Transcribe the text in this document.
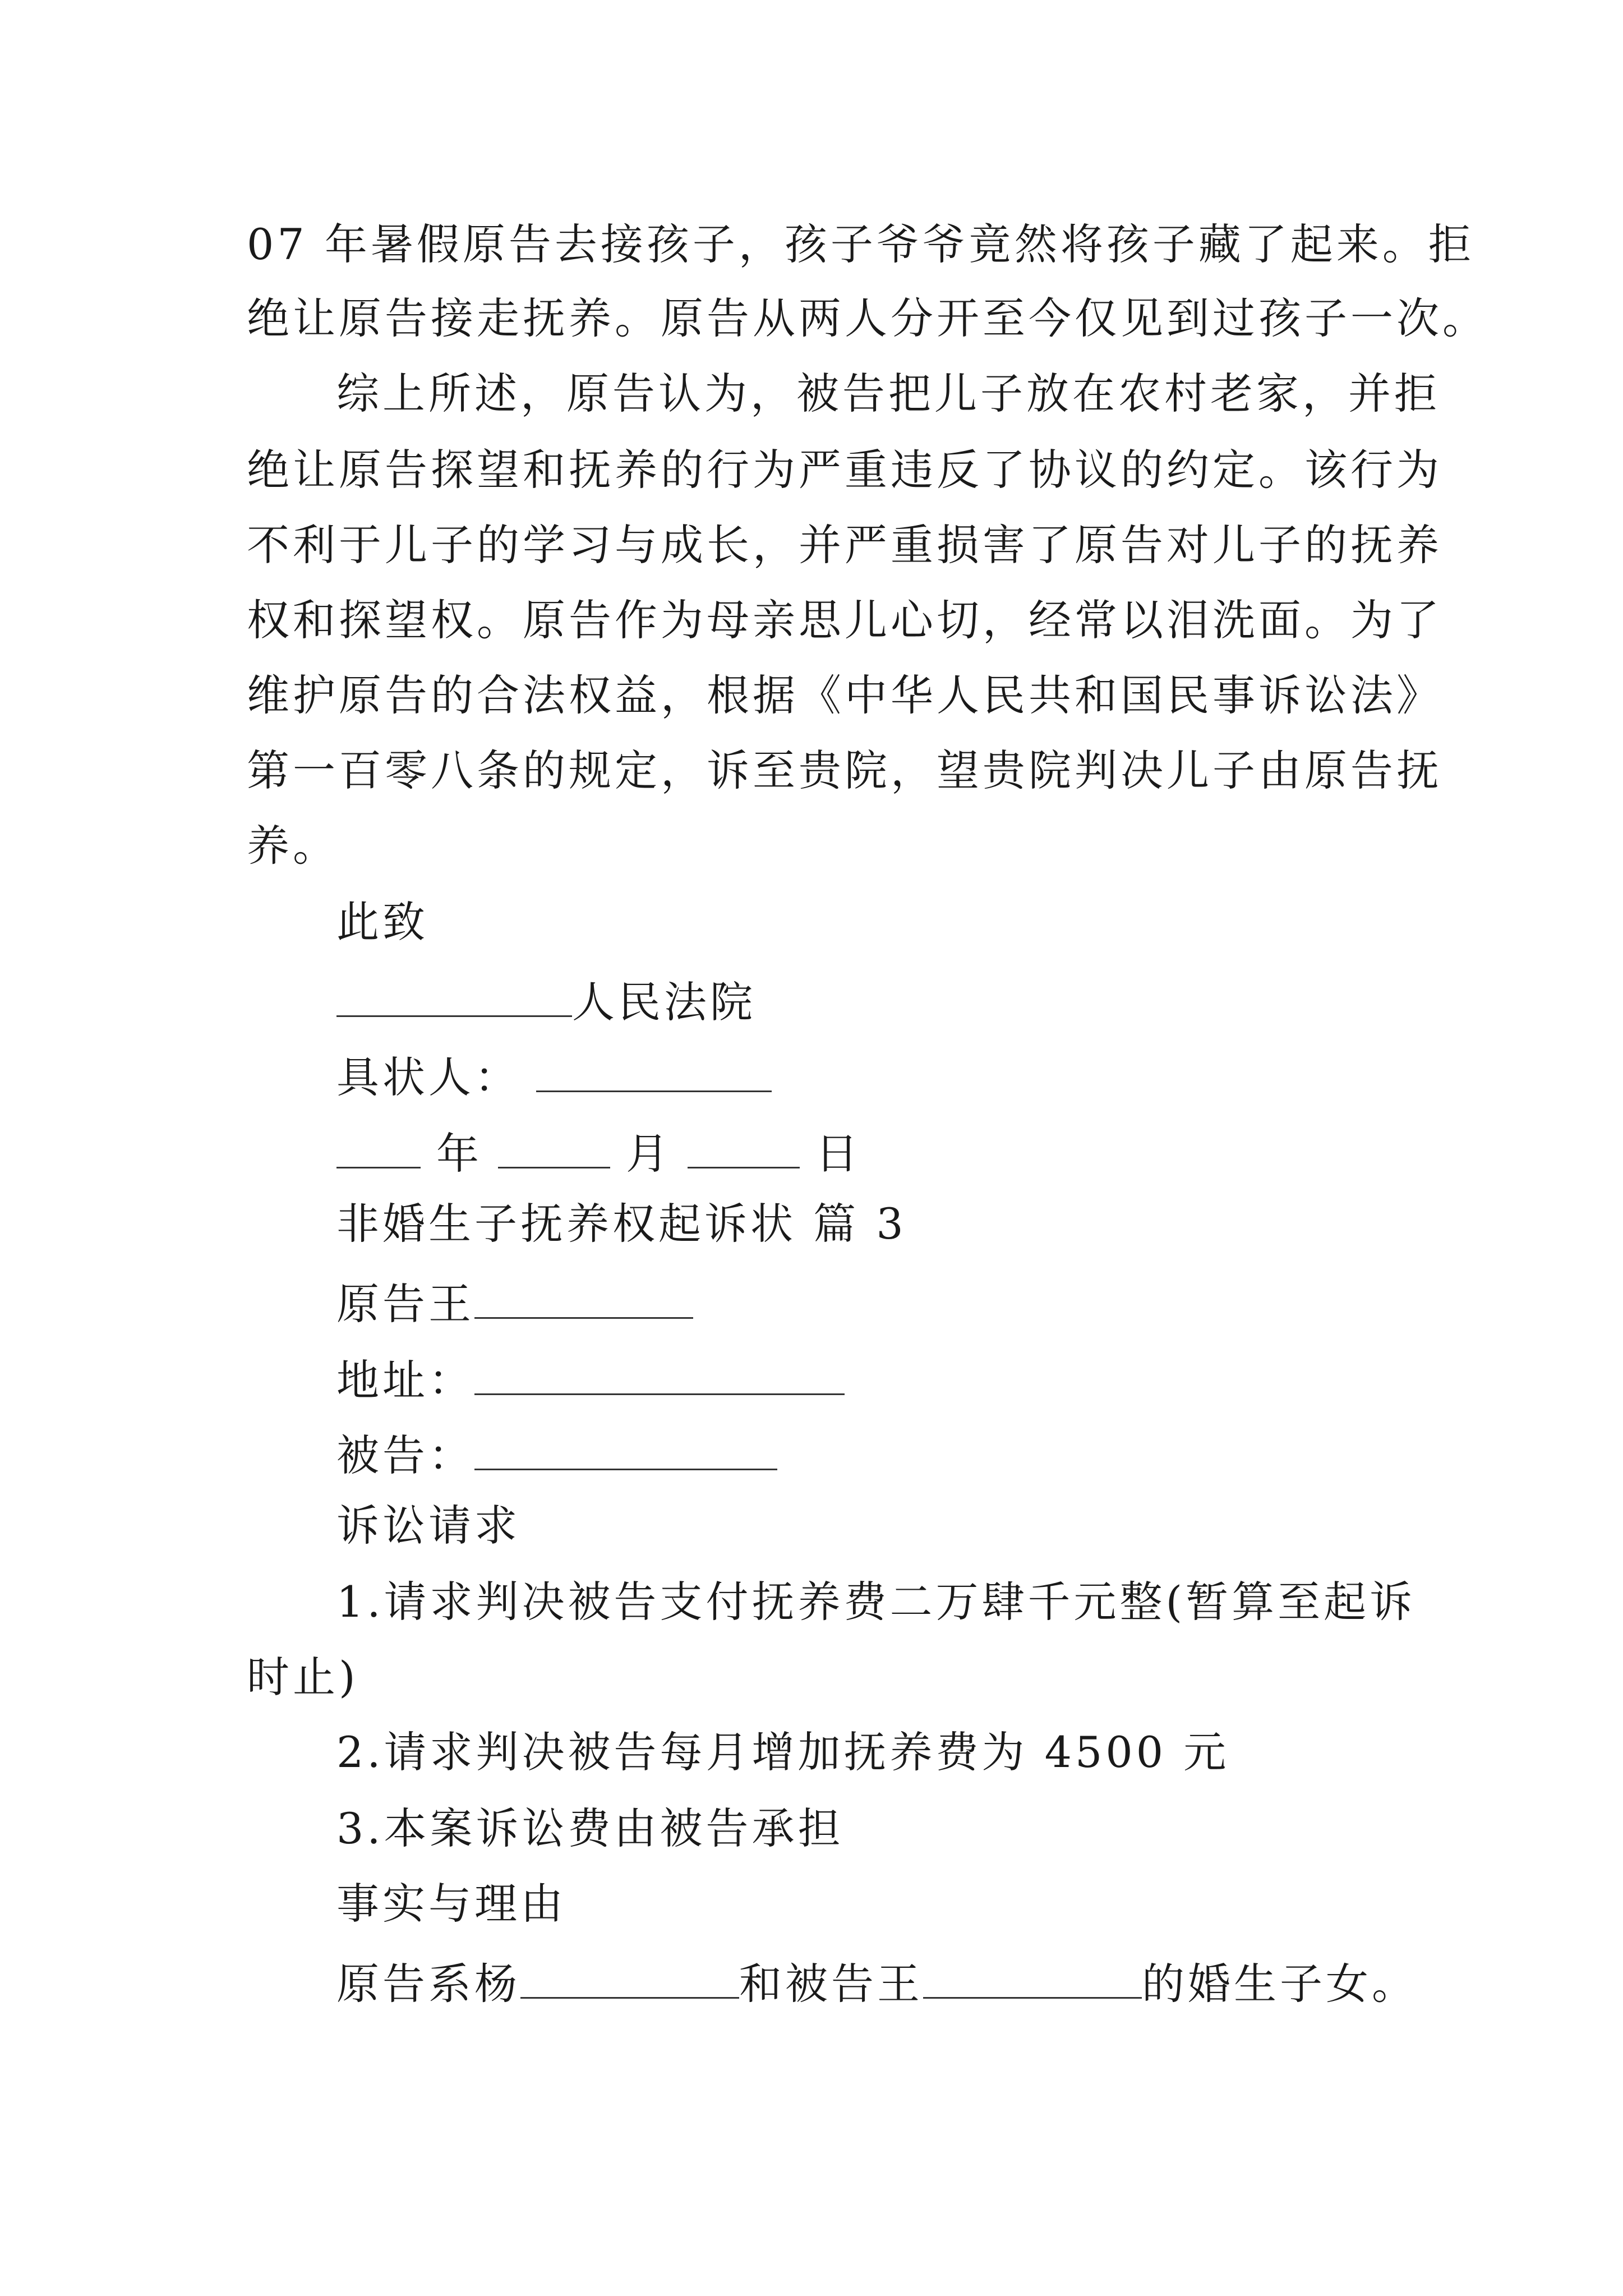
07 年暑假原告去接孩子，孩子爷爷竟然将孩子藏了起来。拒
绝让原告接走抚养。原告从两人分开至今仅见到过孩子一次。
综上所述，原告认为，被告把儿子放在农村老家，并拒
绝让原告探望和抚养的行为严重违反了协议的约定。该行为
不利于儿子的学习与成长，并严重损害了原告对儿子的抚养
权和探望权。原告作为母亲思儿心切，经常以泪洗面。为了
维护原告的合法权益，根据《中华人民共和国民事诉讼法》
第一百零八条的规定，诉至贵院，望贵院判决儿子由原告抚
养。
此致
人民法院
具状人：
年	月	日
非婚生子抚养权起诉状 篇 3
原告王
地址：
被告：
诉讼请求
1.请求判决被告支付抚养费二万肆千元整(暂算至起诉
时止)
2.请求判决被告每月增加抚养费为 4500 元
3.本案诉讼费由被告承担
事实与理由
原告系杨	和被告王	的婚生子女。
